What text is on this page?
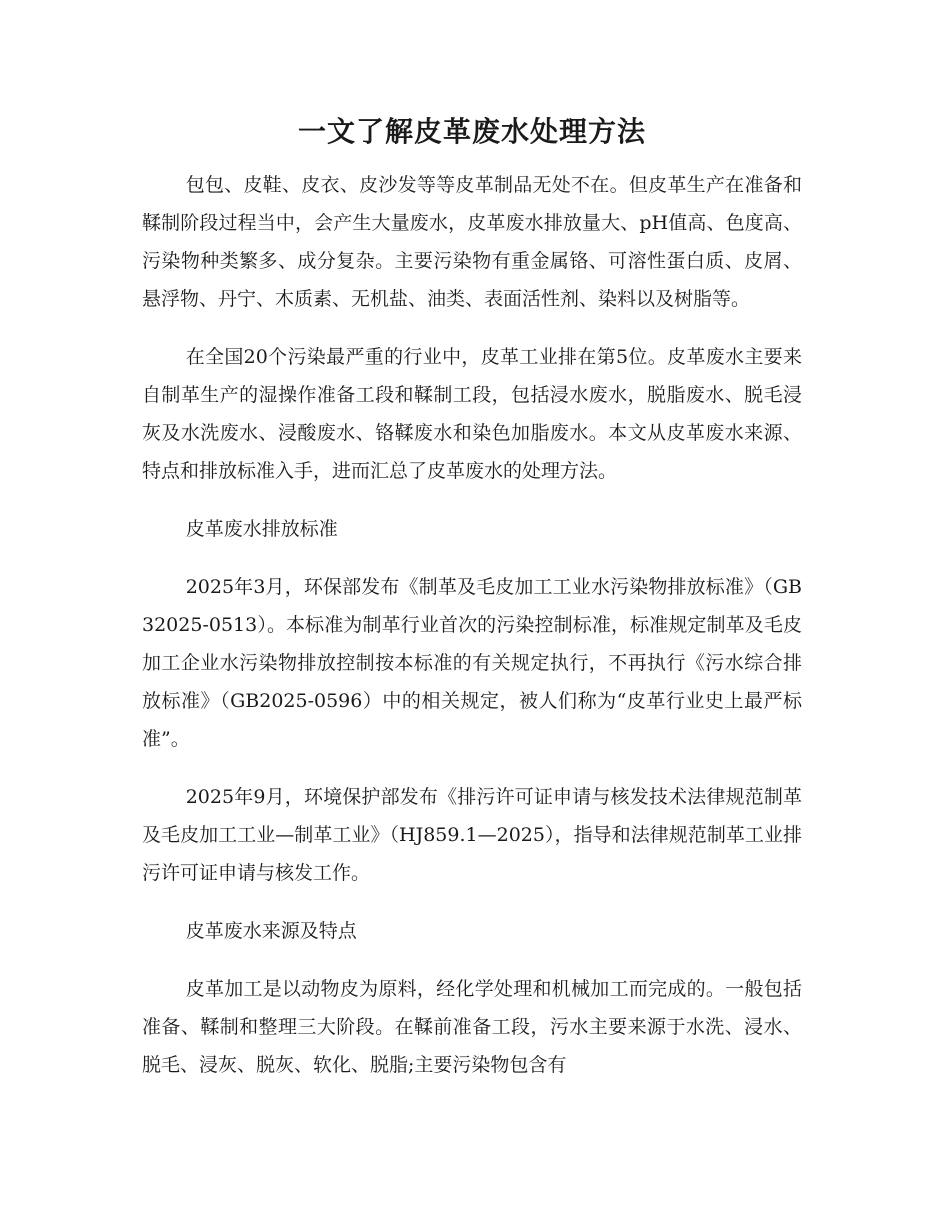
一文了解皮革废水处理方法

包包、皮鞋、皮衣、皮沙发等等皮革制品无处不在。但皮革生产在准备和鞣制阶段过程当中，会产生大量废水，皮革废水排放量大、pH值高、色度高、污染物种类繁多、成分复杂。主要污染物有重金属铬、可溶性蛋白质、皮屑、悬浮物、丹宁、木质素、无机盐、油类、表面活性剂、染料以及树脂等。

在全国20个污染最严重的行业中，皮革工业排在第5位。皮革废水主要来自制革生产的湿操作准备工段和鞣制工段，包括浸水废水，脱脂废水、脱毛浸灰及水洗废水、浸酸废水、铬鞣废水和染色加脂废水。本文从皮革废水来源、特点和排放标准入手，进而汇总了皮革废水的处理方法。

皮革废水排放标准

2025年3月，环保部发布《制革及毛皮加工工业水污染物排放标准》（GB32025-0513）。本标准为制革行业首次的污染控制标准，标准规定制革及毛皮加工企业水污染物排放控制按本标准的有关规定执行，不再执行《污水综合排放标准》（GB2025-0596）中的相关规定，被人们称为“皮革行业史上最严标准”。

2025年9月，环境保护部发布《排污许可证申请与核发技术法律规范制革及毛皮加工工业—制革工业》（HJ859.1—2025），指导和法律规范制革工业排污许可证申请与核发工作。

皮革废水来源及特点

皮革加工是以动物皮为原料，经化学处理和机械加工而完成的。一般包括准备、鞣制和整理三大阶段。在鞣前准备工段，污水主要来源于水洗、浸水、脱毛、浸灰、脱灰、软化、脱脂;主要污染物包含有
